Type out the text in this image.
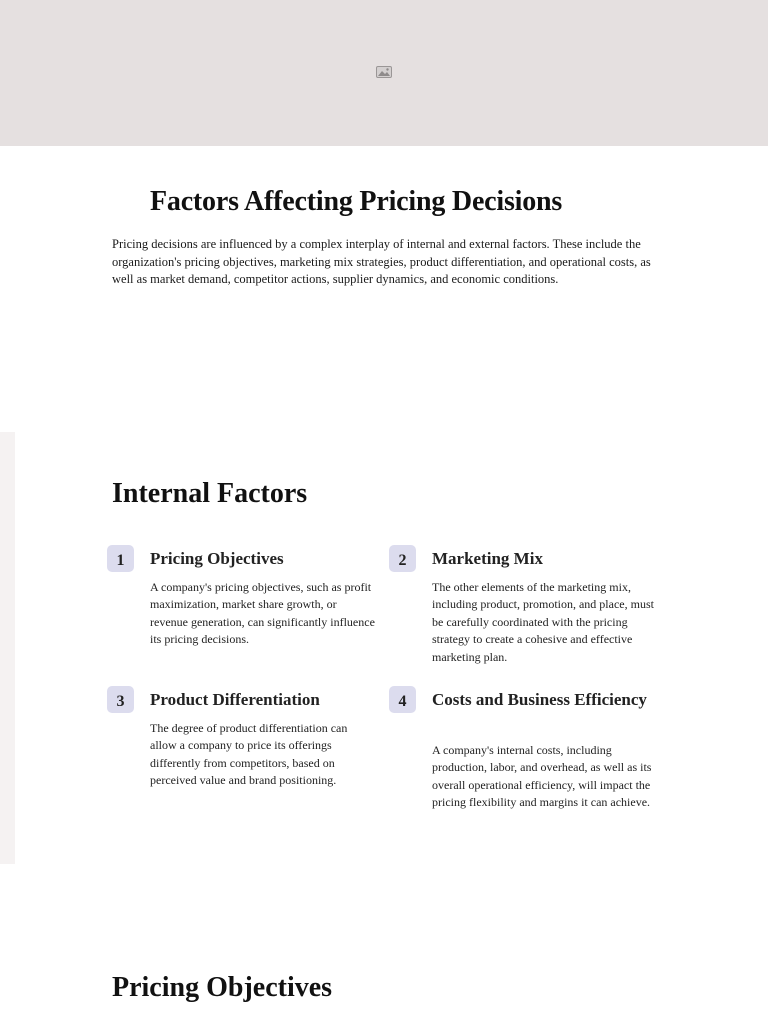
Factors Affecting Pricing Decisions

Pricing decisions are influenced by a complex interplay of internal and external factors. These include the organization's pricing objectives, marketing mix strategies, product differentiation, and operational costs, as well as market demand, competitor actions, supplier dynamics, and economic conditions.

Internal Factors
1	Pricing Objectives
A company's pricing objectives, such as profit maximization, market share growth, or revenue generation, can significantly influence its pricing decisions.
2	Marketing Mix
The other elements of the marketing mix, including product, promotion, and place, must be carefully coordinated with the pricing strategy to create a cohesive and effective marketing plan.
3	Product Differentiation
The degree of product differentiation can allow a company to price its offerings differently from competitors, based on perceived value and brand positioning.
4	Costs and Business Efficiency
A company's internal costs, including production, labor, and overhead, as well as its overall operational efficiency, will impact the pricing flexibility and margins it can achieve.
Pricing Objectives
